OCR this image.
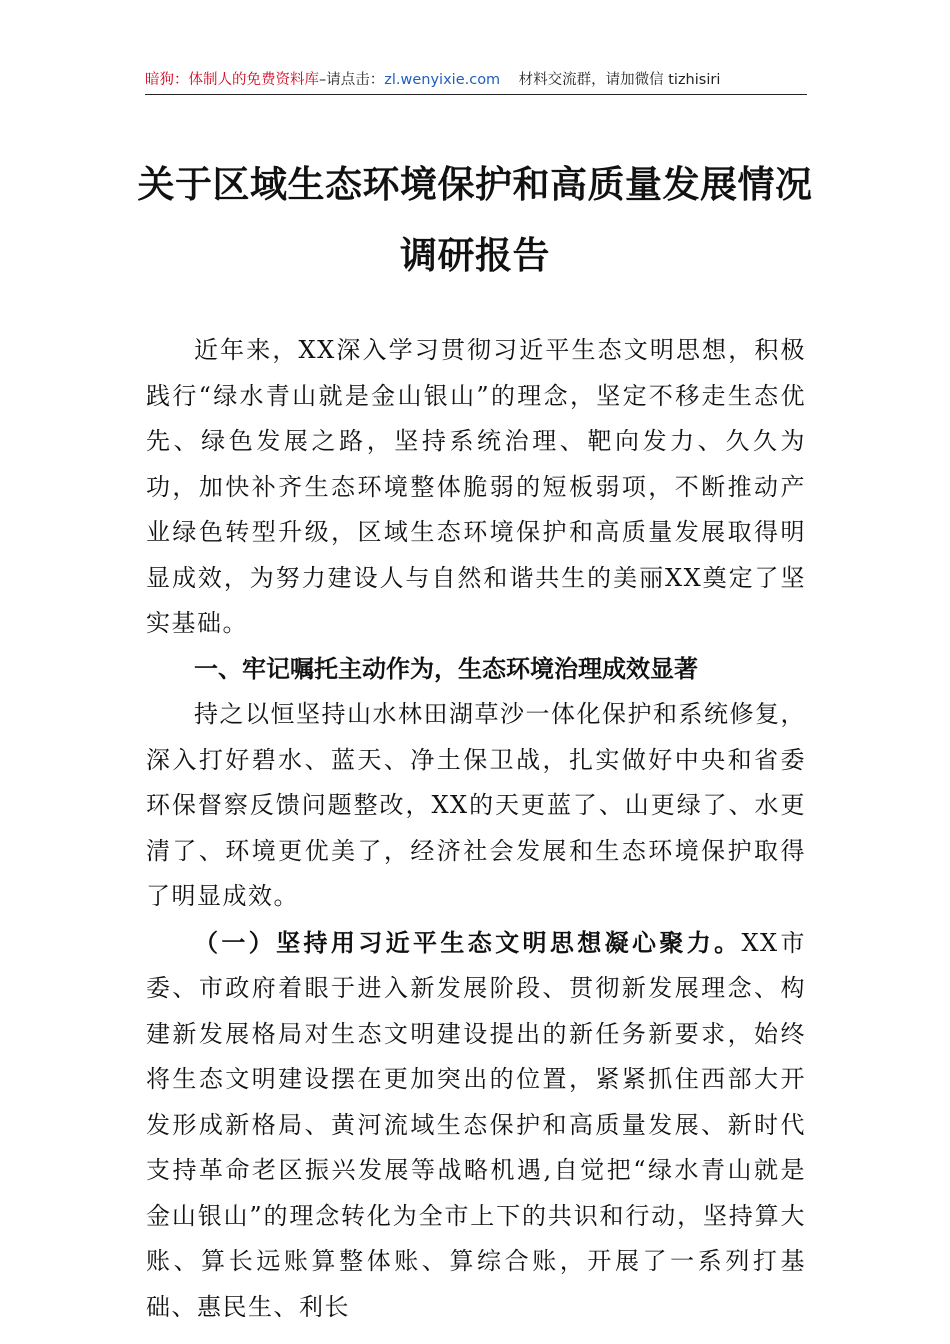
暗狗：体制人的免费资料库–请点击：zl.wenyixie.com 材料交流群，请加微信 tizhisiri
关于区域生态环境保护和高质量发展情况
调研报告

近年来，XX深入学习贯彻习近平生态文明思想，积极践行“绿水青山就是金山银山”的理念，坚定不移走生态优先、绿色发展之路，坚持系统治理、靶向发力、久久为功，加快补齐生态环境整体脆弱的短板弱项，不断推动产业绿色转型升级，区域生态环境保护和高质量发展取得明显成效，为努力建设人与自然和谐共生的美丽XX奠定了坚实基础。

一、牢记嘱托主动作为，生态环境治理成效显著

持之以恒坚持山水林田湖草沙一体化保护和系统修复，深入打好碧水、蓝天、净土保卫战，扎实做好中央和省委环保督察反馈问题整改，XX的天更蓝了、山更绿了、水更清了、环境更优美了，经济社会发展和生态环境保护取得了明显成效。

（一）坚持用习近平生态文明思想凝心聚力。XX市委、市政府着眼于进入新发展阶段、贯彻新发展理念、构建新发展格局对生态文明建设提出的新任务新要求，始终将生态文明建设摆在更加突出的位置，紧紧抓住西部大开发形成新格局、黄河流域生态保护和高质量发展、新时代支持革命老区振兴发展等战略机遇,自觉把“绿水青山就是金山银山”的理念转化为全市上下的共识和行动，坚持算大账、算长远账算整体账、算综合账，开展了一系列打基础、惠民生、利长
